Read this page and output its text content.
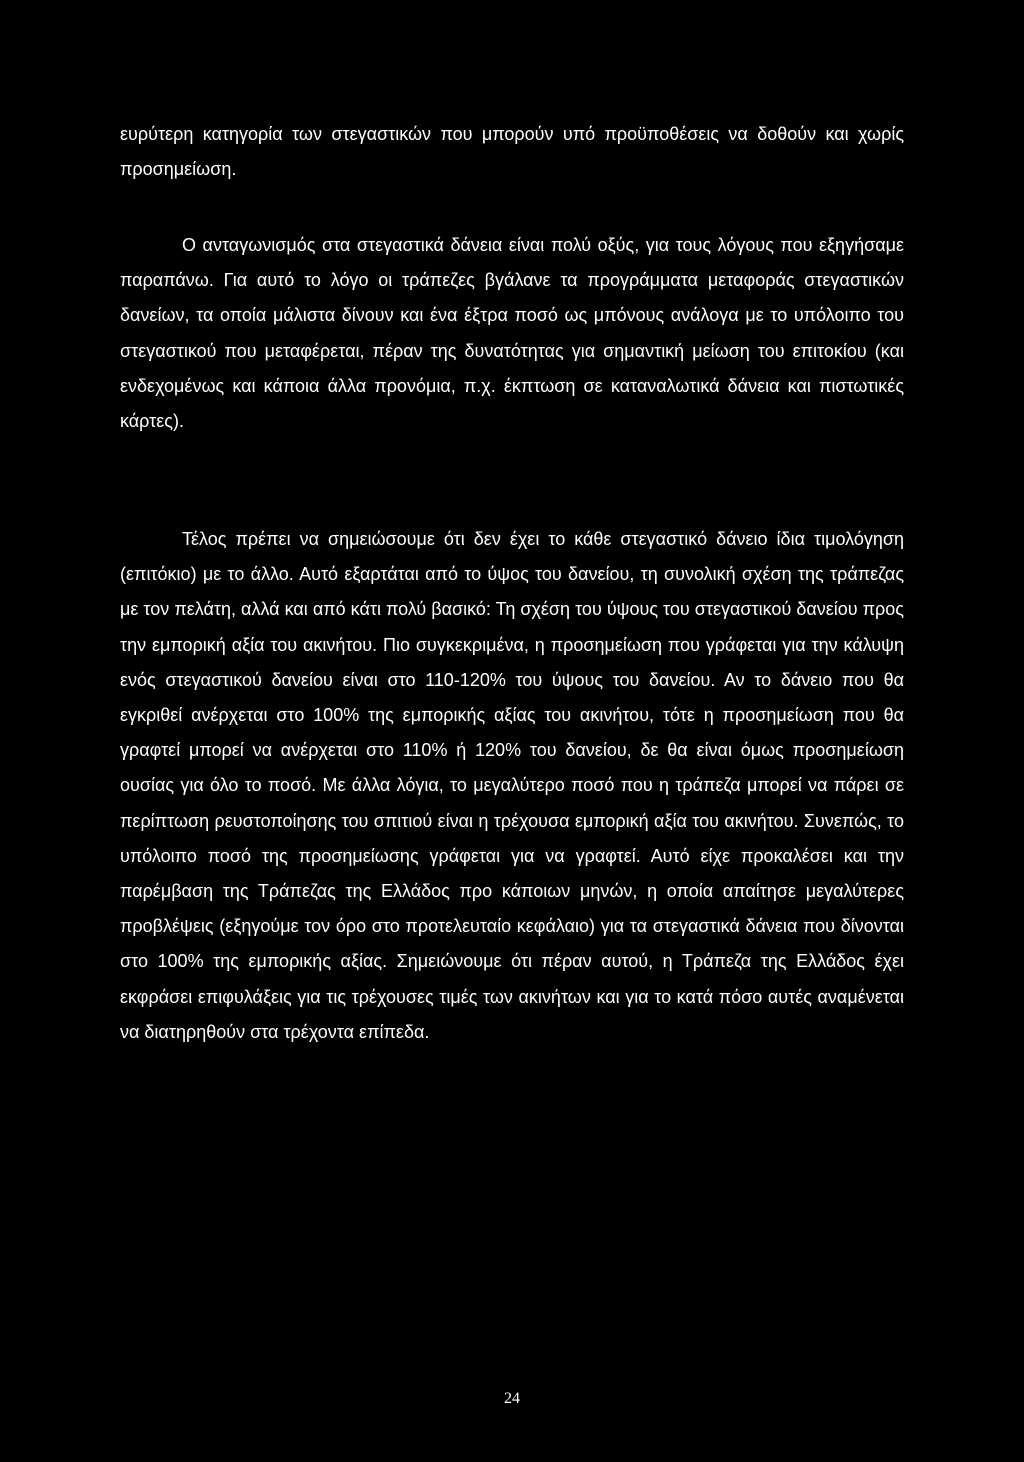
ευρύτερη κατηγορία των στεγαστικών που μπορούν υπό προϋποθέσεις να δοθούν και χωρίς προσημείωση.

Ο ανταγωνισμός στα στεγαστικά δάνεια είναι πολύ οξύς, για τους λόγους που εξηγήσαμε παραπάνω. Για αυτό το λόγο οι τράπεζες βγάλανε τα προγράμματα μεταφοράς στεγαστικών δανείων, τα οποία μάλιστα δίνουν και ένα έξτρα ποσό ως μπόνους ανάλογα με το υπόλοιπο του στεγαστικού που μεταφέρεται, πέραν της δυνατότητας για σημαντική μείωση του επιτοκίου (και ενδεχομένως και κάποια άλλα προνόμια, π.χ. έκπτωση σε καταναλωτικά δάνεια και πιστωτικές κάρτες).

Τέλος πρέπει να σημειώσουμε ότι δεν έχει το κάθε στεγαστικό δάνειο ίδια τιμολόγηση (επιτόκιο) με το άλλο. Αυτό εξαρτάται από το ύψος του δανείου, τη συνολική σχέση της τράπεζας με τον πελάτη, αλλά και από κάτι πολύ βασικό: Τη σχέση του ύψους του στεγαστικού δανείου προς την εμπορική αξία του ακινήτου. Πιο συγκεκριμένα, η προσημείωση που γράφεται για την κάλυψη ενός στεγαστικού δανείου είναι στο 110-120% του ύψους του δανείου. Αν το δάνειο που θα εγκριθεί ανέρχεται στο 100% της εμπορικής αξίας του ακινήτου, τότε η προσημείωση που θα γραφτεί μπορεί να ανέρχεται στο 110% ή 120% του δανείου, δε θα είναι όμως προσημείωση ουσίας για όλο το ποσό. Με άλλα λόγια, το μεγαλύτερο ποσό που η τράπεζα μπορεί να πάρει σε περίπτωση ρευστοποίησης του σπιτιού είναι η τρέχουσα εμπορική αξία του ακινήτου. Συνεπώς, το υπόλοιπο ποσό της προσημείωσης γράφεται για να γραφτεί. Αυτό είχε προκαλέσει και την παρέμβαση της Τράπεζας της Ελλάδος προ κάποιων μηνών, η οποία απαίτησε μεγαλύτερες προβλέψεις (εξηγούμε τον όρο στο προτελευταίο κεφάλαιο) για τα στεγαστικά δάνεια που δίνονται στο 100% της εμπορικής αξίας. Σημειώνουμε ότι πέραν αυτού, η Τράπεζα της Ελλάδος έχει εκφράσει επιφυλάξεις για τις τρέχουσες τιμές των ακινήτων και για το κατά πόσο αυτές αναμένεται να διατηρηθούν στα τρέχοντα επίπεδα.

24
